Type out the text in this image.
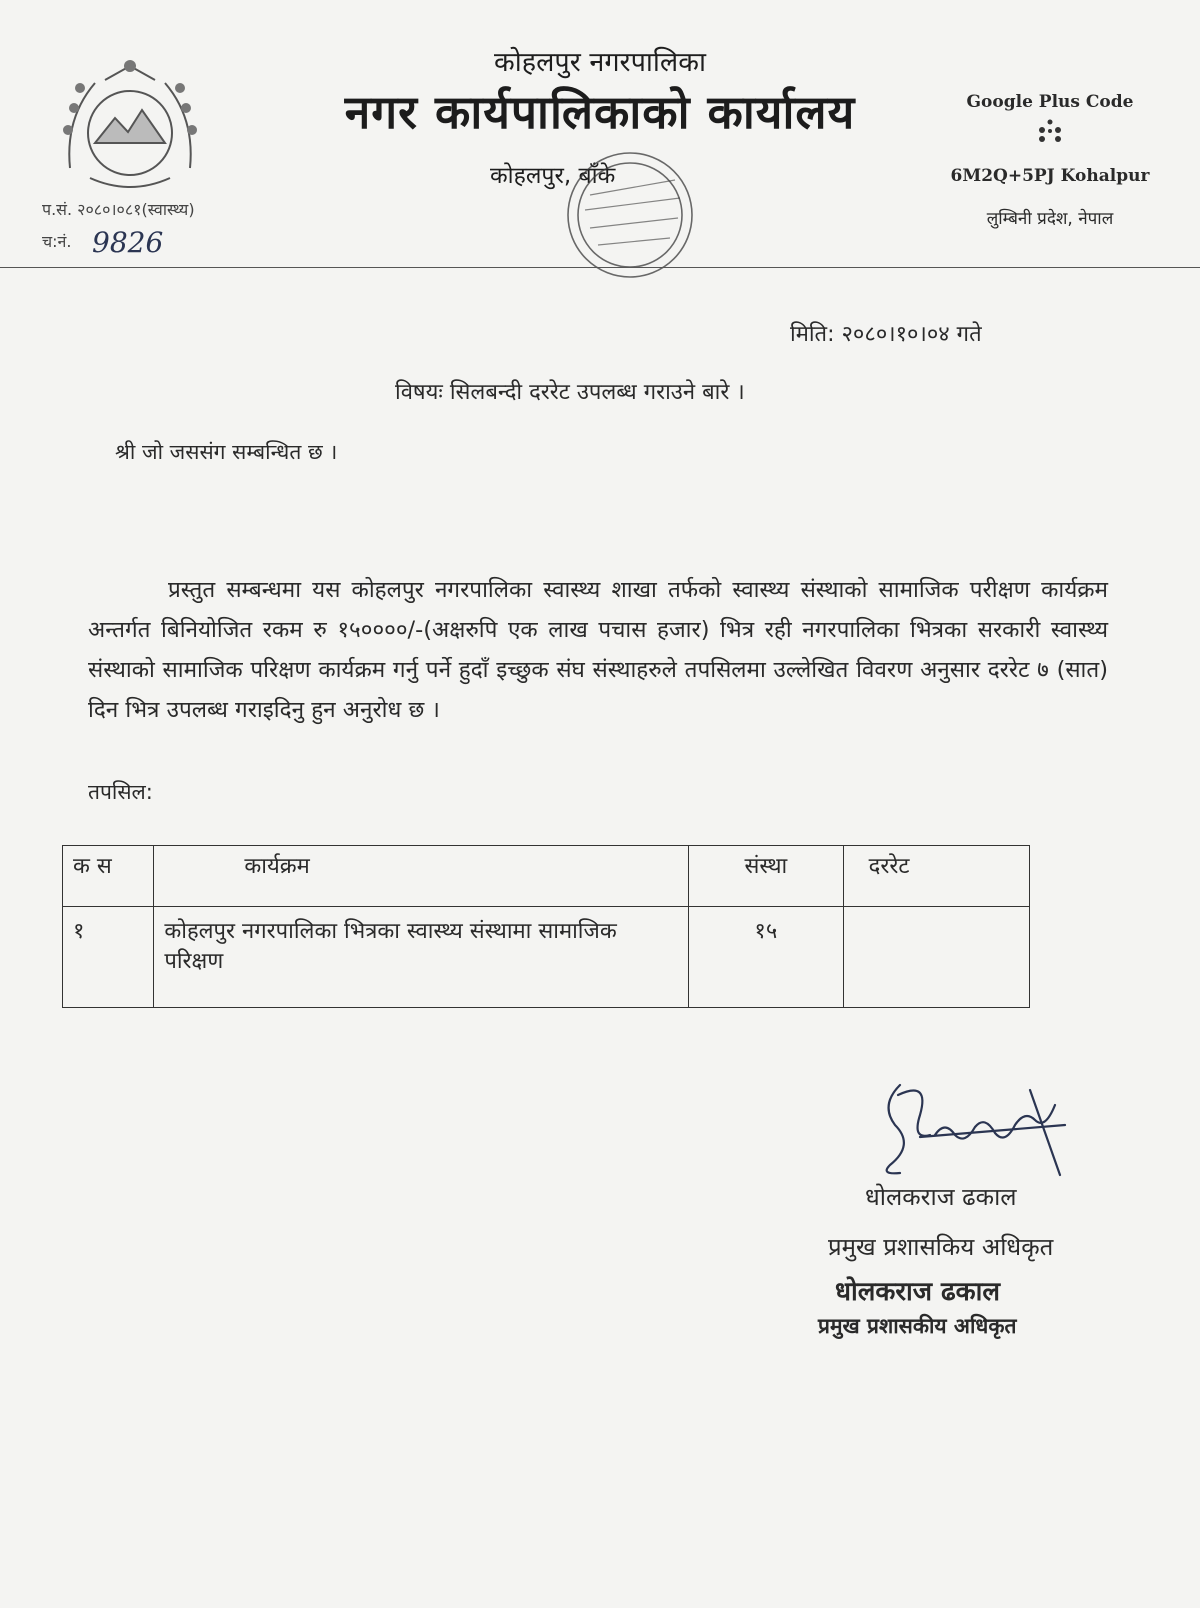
कोहलपुर नगरपालिका
नगर कार्यपालिकाको कार्यालय
कोहलपुर, बाँके
Google Plus Code
6M2Q+5PJ Kohalpur
लुम्बिनी प्रदेश, नेपाल
प.सं. २०८०।०८१(स्वास्थ्य)
च:नं. 9826
मिति: २०८०।१०।०४ गते
विषयः सिलबन्दी दररेट उपलब्ध गराउने बारे ।
श्री जो जससंग सम्बन्धित छ ।
प्रस्तुत सम्बन्धमा यस कोहलपुर नगरपालिका स्वास्थ्य शाखा तर्फको स्वास्थ्य संस्थाको सामाजिक परीक्षण कार्यक्रम अन्तर्गत बिनियोजित रकम रु १५००००/-(अक्षरुपि एक लाख पचास हजार) भित्र रही नगरपालिका भित्रका सरकारी स्वास्थ्य संस्थाको सामाजिक परिक्षण कार्यक्रम गर्नु पर्ने हुदाँ इच्छुक संघ संस्थाहरुले तपसिलमा उल्लेखित विवरण अनुसार दररेट ७ (सात) दिन भित्र उपलब्ध गराइदिनु हुन अनुरोध छ ।
तपसिल:
क स	कार्यक्रम	संस्था	दररेट
१	कोहलपुर नगरपालिका भित्रका स्वास्थ्य संस्थामा सामाजिक परिक्षण	१५	
धोलकराज ढकाल
प्रमुख प्रशासकिय अधिकृत
धोलकराज ढकाल
प्रमुख प्रशासकीय अधिकृत
